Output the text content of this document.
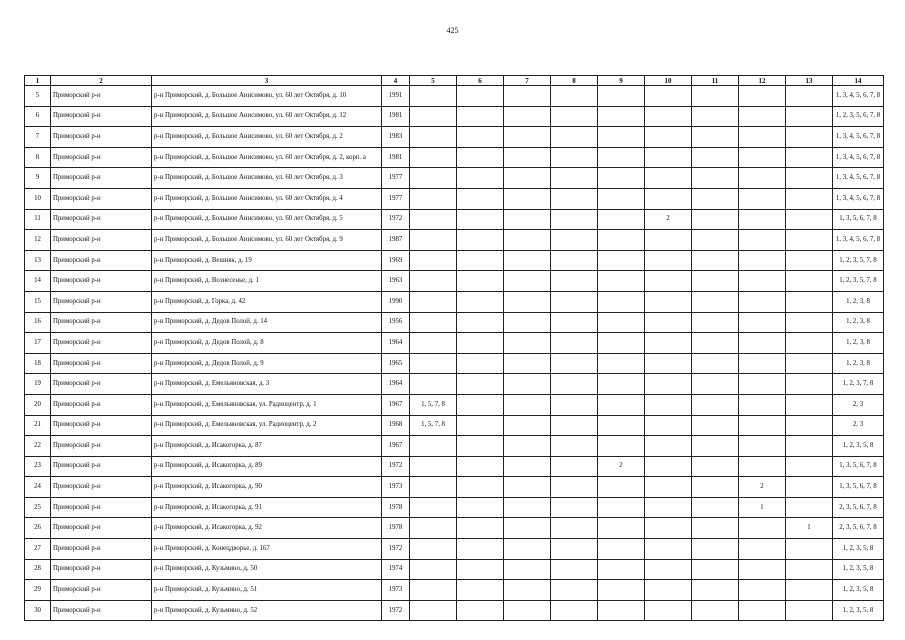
425
1	2	3	4	5	6	7	8	9	10	11	12	13	14
5	Приморский р-н	р-н Приморский, д. Большое Анисимово, ул. 60 лет Октября, д. 10	1991										1, 3, 4, 5, 6, 7, 8
6	Приморский р-н	р-н Приморский, д. Большое Анисимово, ул. 60 лет Октября, д. 12	1981										1, 2, 3, 5, 6, 7, 8
7	Приморский р-н	р-н Приморский, д. Большое Анисимово, ул. 60 лет Октября, д. 2	1983										1, 3, 4, 5, 6, 7, 8
8	Приморский р-н	р-н Приморский, д. Большое Анисимово, ул. 60 лет Октября, д. 2, корп. а	1981										1, 3, 4, 5, 6, 7, 8
9	Приморский р-н	р-н Приморский, д. Большое Анисимово, ул. 60 лет Октября, д. 3	1977										1, 3, 4, 5, 6, 7, 8
10	Приморский р-н	р-н Приморский, д. Большое Анисимово, ул. 60 лет Октября, д. 4	1977										1, 3, 4, 5, 6, 7, 8
11	Приморский р-н	р-н Приморский, д. Большое Анисимово, ул. 60 лет Октября, д. 5	1972						2				1, 3, 5, 6, 7, 8
12	Приморский р-н	р-н Приморский, д. Большое Анисимово, ул. 60 лет Октября, д. 9	1987										1, 3, 4, 5, 6, 7, 8
13	Приморский р-н	р-н Приморский, д. Вешняк, д. 19	1969										1, 2, 3, 5, 7, 8
14	Приморский р-н	р-н Приморский, д. Вознесенье, д. 1	1963										1, 2, 3, 5, 7, 8
15	Приморский р-н	р-н Приморский, д. Горка, д. 42	1990										1, 2, 3, 8
16	Приморский р-н	р-н Приморский, д. Дедов Полой, д. 14	1956										1, 2, 3, 8
17	Приморский р-н	р-н Приморский, д. Дедов Полой, д. 8	1964										1, 2, 3, 8
18	Приморский р-н	р-н Приморский, д. Дедов Полой, д. 9	1965										1, 2, 3, 8
19	Приморский р-н	р-н Приморский, д. Емельяновская, д. 3	1964										1, 2, 3, 7, 8
20	Приморский р-н	р-н Приморский, д. Емельяновская, ул. Радиоцентр, д. 1	1967	1, 5, 7, 8									2, 3
21	Приморский р-н	р-н Приморский, д. Емельяновская, ул. Радиоцентр, д. 2	1968	1, 5, 7, 8									2, 3
22	Приморский р-н	р-н Приморский, д. Исакогорка, д. 87	1967										1, 2, 3, 5, 8
23	Приморский р-н	р-н Приморский, д. Исакогорка, д. 89	1972					2					1, 3, 5, 6, 7, 8
24	Приморский р-н	р-н Приморский, д. Исакогорка, д. 90	1973								2		1, 3, 5, 6, 7, 8
25	Приморский р-н	р-н Приморский, д. Исакогорка, д. 91	1978								1		2, 3, 5, 6, 7, 8
26	Приморский р-н	р-н Приморский, д. Исакогорка, д. 92	1978									1	2, 3, 5, 6, 7, 8
27	Приморский р-н	р-н Приморский, д. Конецдворье, д. 167	1972										1, 2, 3, 5, 8
28	Приморский р-н	р-н Приморский, д. Кузьмино, д. 50	1974										1, 2, 3, 5, 8
29	Приморский р-н	р-н Приморский, д. Кузьмино, д. 51	1973										1, 2, 3, 5, 8
30	Приморский р-н	р-н Приморский, д. Кузьмино, д. 52	1972										1, 2, 3, 5, 8
